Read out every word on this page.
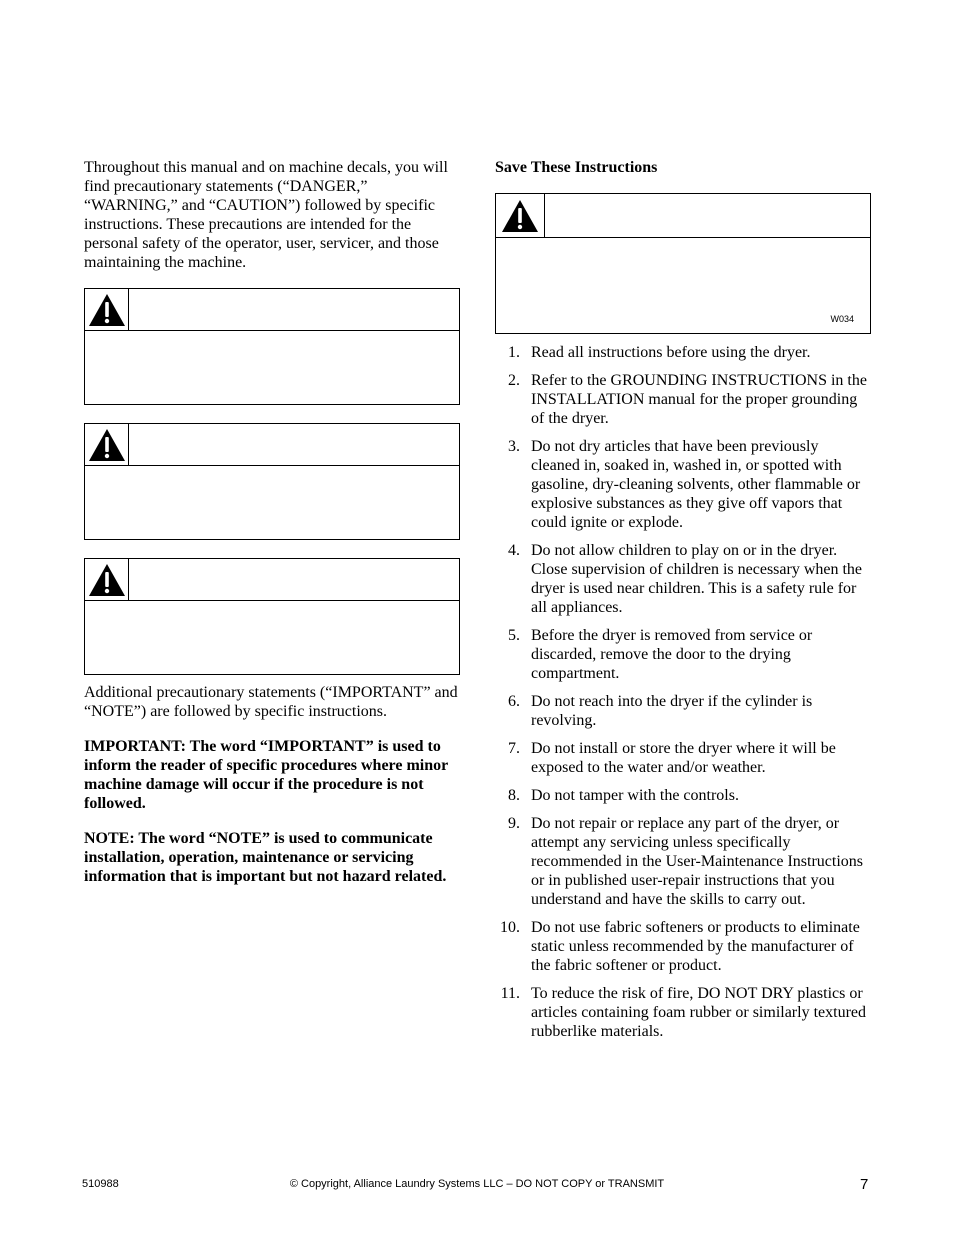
Throughout this manual and on machine decals, you will find precautionary statements (“DANGER,” “WARNING,” and “CAUTION”) followed by specific instructions. These precautions are intended for the personal safety of the operator, user, servicer, and those maintaining the machine.

Additional precautionary statements (“IMPORTANT” and “NOTE”) are followed by specific instructions.

IMPORTANT: The word “IMPORTANT” is used to inform the reader of specific procedures where minor machine damage will occur if the procedure is not followed.

NOTE: The word “NOTE” is used to communicate installation, operation, maintenance or servicing information that is important but not hazard related.

Save These Instructions

W034
1. Read all instructions before using the dryer.
2. Refer to the GROUNDING INSTRUCTIONS in the INSTALLATION manual for the proper grounding of the dryer.
3. Do not dry articles that have been previously cleaned in, soaked in, washed in, or spotted with gasoline, dry-cleaning solvents, other flammable or explosive substances as they give off vapors that could ignite or explode.
4. Do not allow children to play on or in the dryer. Close supervision of children is necessary when the dryer is used near children. This is a safety rule for all appliances.
5. Before the dryer is removed from service or discarded, remove the door to the drying compartment.
6. Do not reach into the dryer if the cylinder is revolving.
7. Do not install or store the dryer where it will be exposed to the water and/or weather.
8. Do not tamper with the controls.
9. Do not repair or replace any part of the dryer, or attempt any servicing unless specifically recommended in the User-Maintenance Instructions or in published user-repair instructions that you understand and have the skills to carry out.
10. Do not use fabric softeners or products to eliminate static unless recommended by the manufacturer of the fabric softener or product.
11. To reduce the risk of fire, DO NOT DRY plastics or articles containing foam rubber or similarly textured rubberlike materials.
510988	© Copyright, Alliance Laundry Systems LLC – DO NOT COPY or TRANSMIT	7
